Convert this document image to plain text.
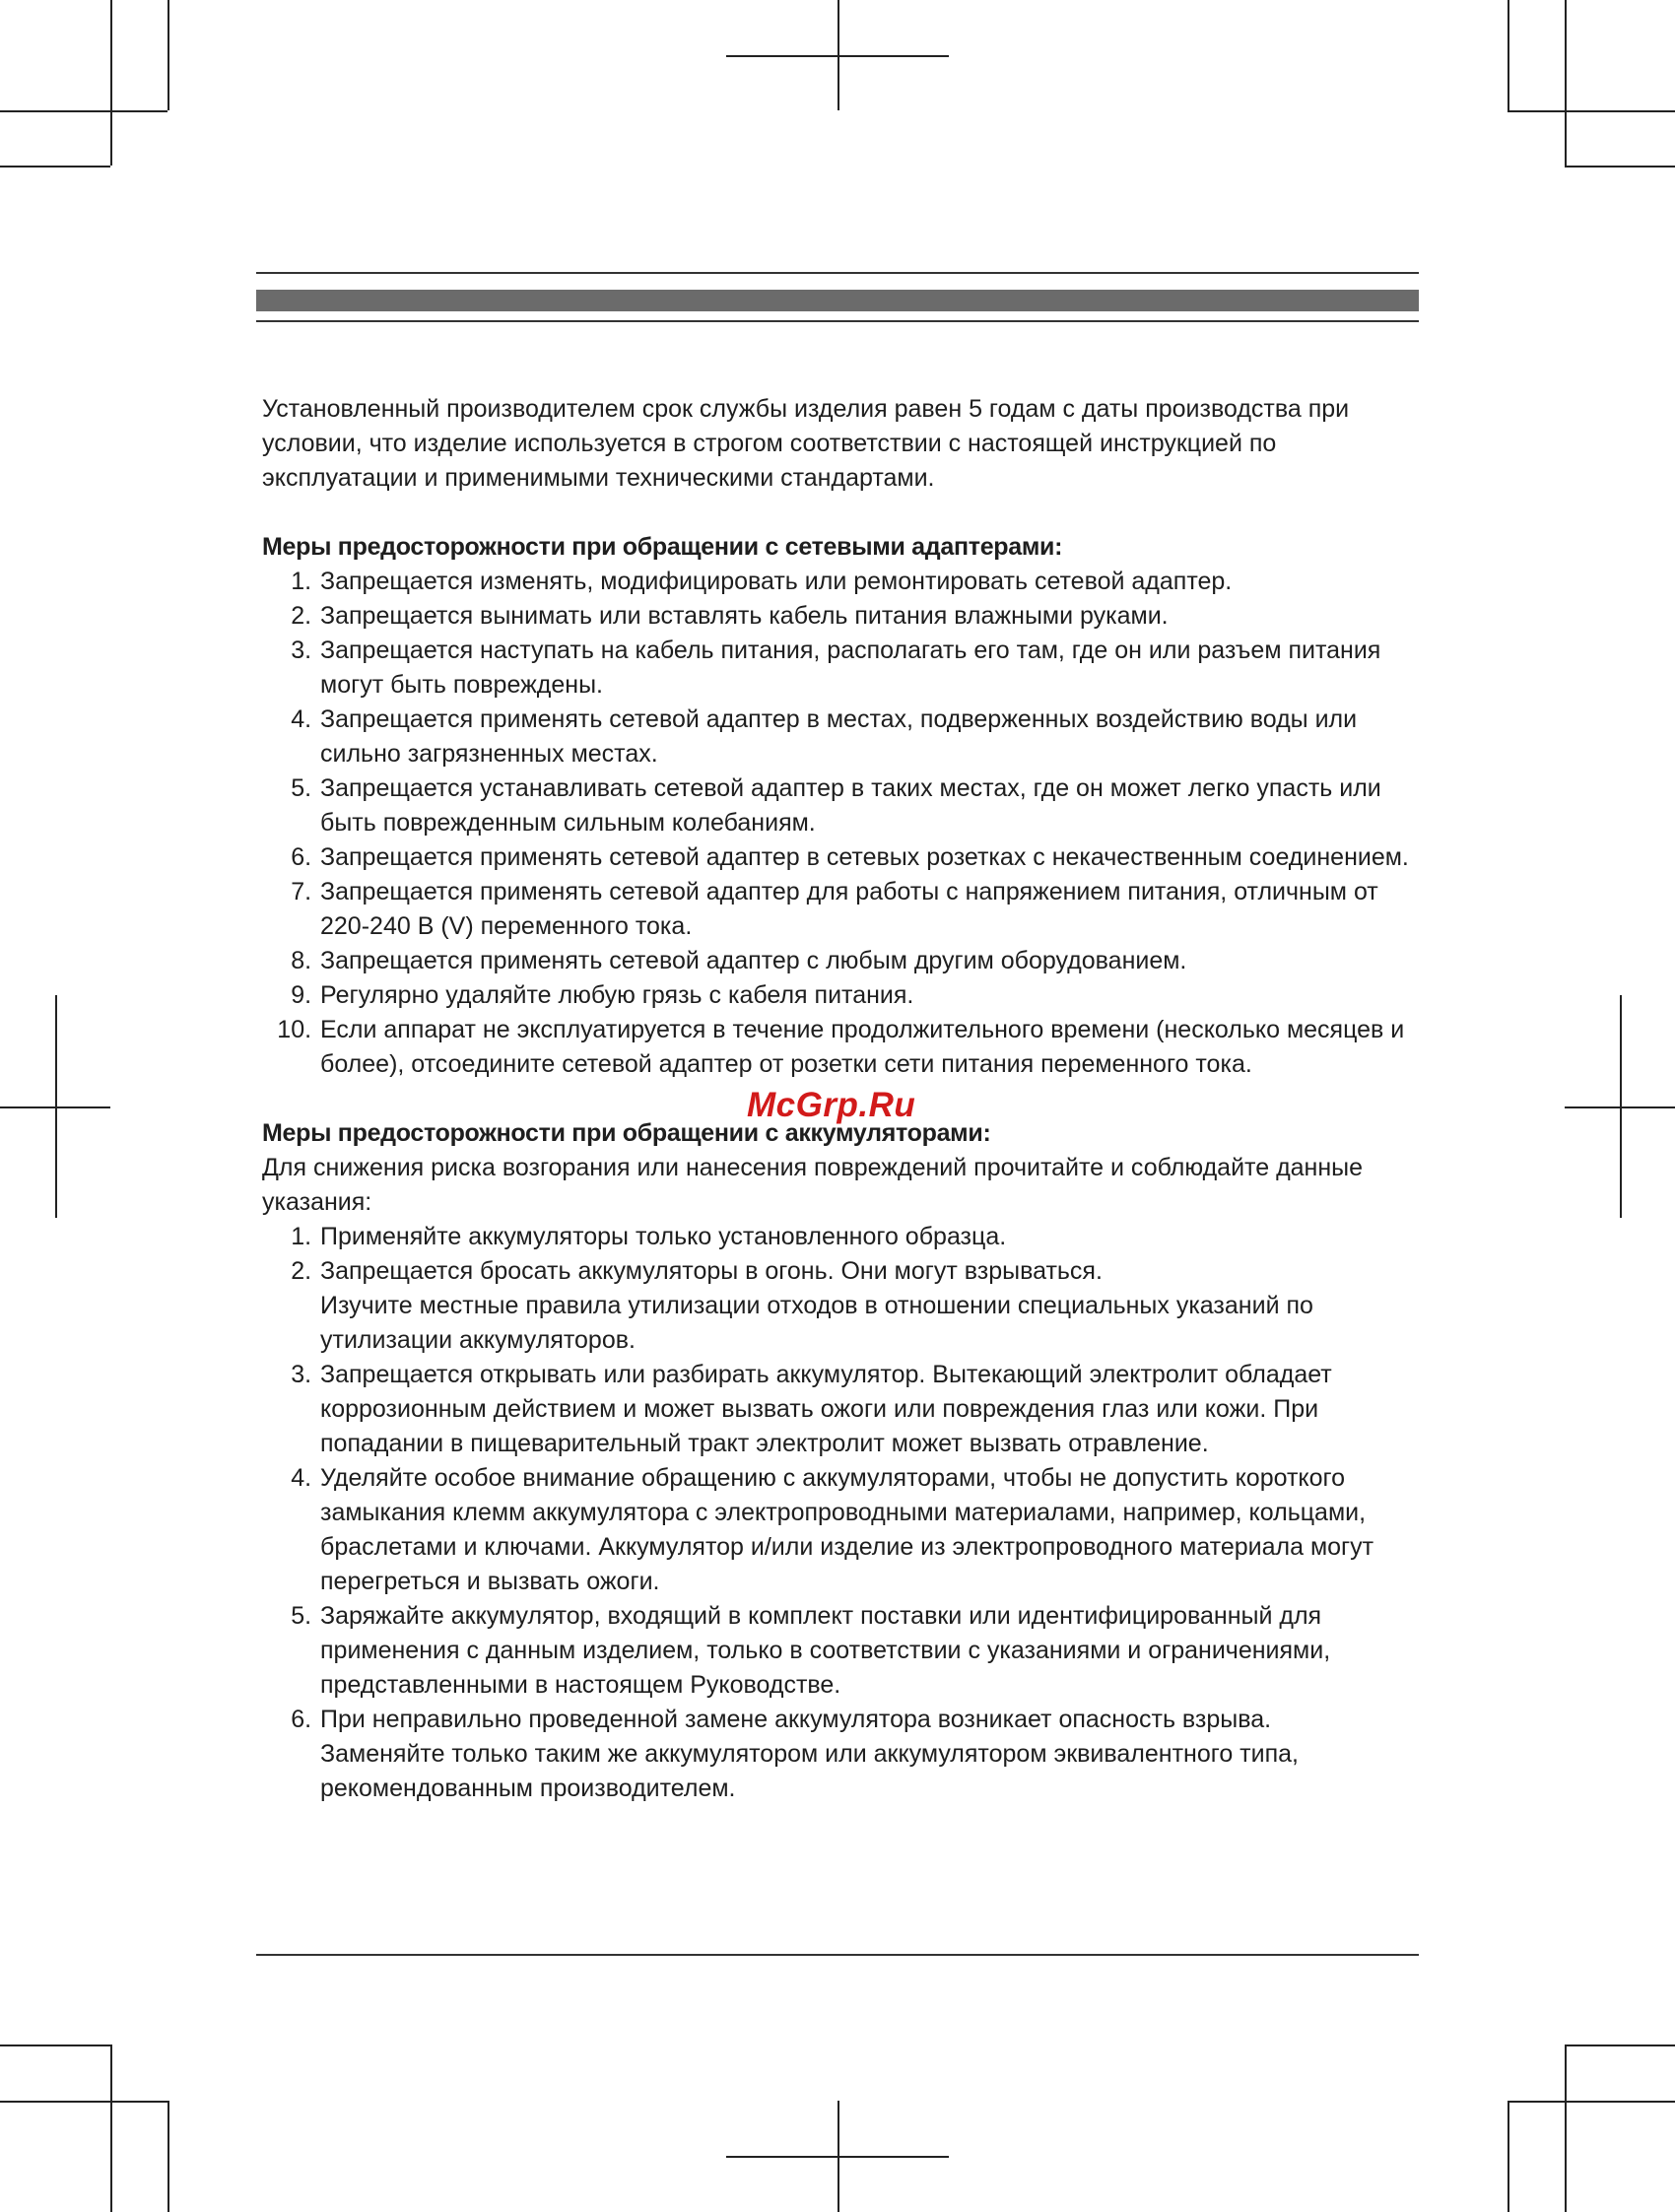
Установленный производителем срок службы изделия равен 5 годам с даты производства при условии, что изделие используется в строгом соответствии с настоящей инструкцией по эксплуатации и применимыми техническими стандартами.

Меры предосторожности при обращении с сетевыми адаптерами:

1. Запрещается изменять, модифицировать или ремонтировать сетевой адаптер.
2. Запрещается вынимать или вставлять кабель питания влажными руками.
3. Запрещается наступать на кабель питания, располагать его там, где он или разъем питания могут быть повреждены.
4. Запрещается применять сетевой адаптер в местах, подверженных воздействию воды или сильно загрязненных местах.
5. Запрещается устанавливать сетевой адаптер в таких местах, где он может легко упасть или быть поврежденным сильным колебаниям.
6. Запрещается применять сетевой адаптер в сетевых розетках с некачественным соединением.
7. Запрещается применять сетевой адаптер для работы с напряжением питания, отличным от 220-240 В (V) переменного тока.
8. Запрещается применять сетевой адаптер с любым другим оборудованием.
9. Регулярно удаляйте любую грязь с кабеля питания.
10. Если аппарат не эксплуатируется в течение продолжительного времени (несколько месяцев и более), отсоедините сетевой адаптер от розетки сети питания переменного тока.

Меры предосторожности при обращении с аккумуляторами:

Для снижения риска возгорания или нанесения повреждений прочитайте и соблюдайте данные указания:

1. Применяйте аккумуляторы только установленного образца.
2. Запрещается бросать аккумуляторы в огонь. Они могут взрываться.
Изучите местные правила утилизации отходов в отношении специальных указаний по утилизации аккумуляторов.
3. Запрещается открывать или разбирать аккумулятор. Вытекающий электролит обладает коррозионным действием и может вызвать ожоги или повреждения глаз или кожи. При попадании в пищеварительный тракт электролит может вызвать отравление.
4. Уделяйте особое внимание обращению с аккумуляторами, чтобы не допустить короткого замыкания клемм аккумулятора с электропроводными материалами, например, кольцами, браслетами и ключами. Аккумулятор и/или изделие из электропроводного материала могут перегреться и вызвать ожоги.
5. Заряжайте аккумулятор, входящий в комплект поставки или идентифицированный для применения с данным изделием, только в соответствии с указаниями и ограничениями, представленными в настоящем Руководстве.
6. При неправильно проведенной замене аккумулятора возникает опасность взрыва.
Заменяйте только таким же аккумулятором или аккумулятором эквивалентного типа, рекомендованным производителем.
McGrp.Ru
